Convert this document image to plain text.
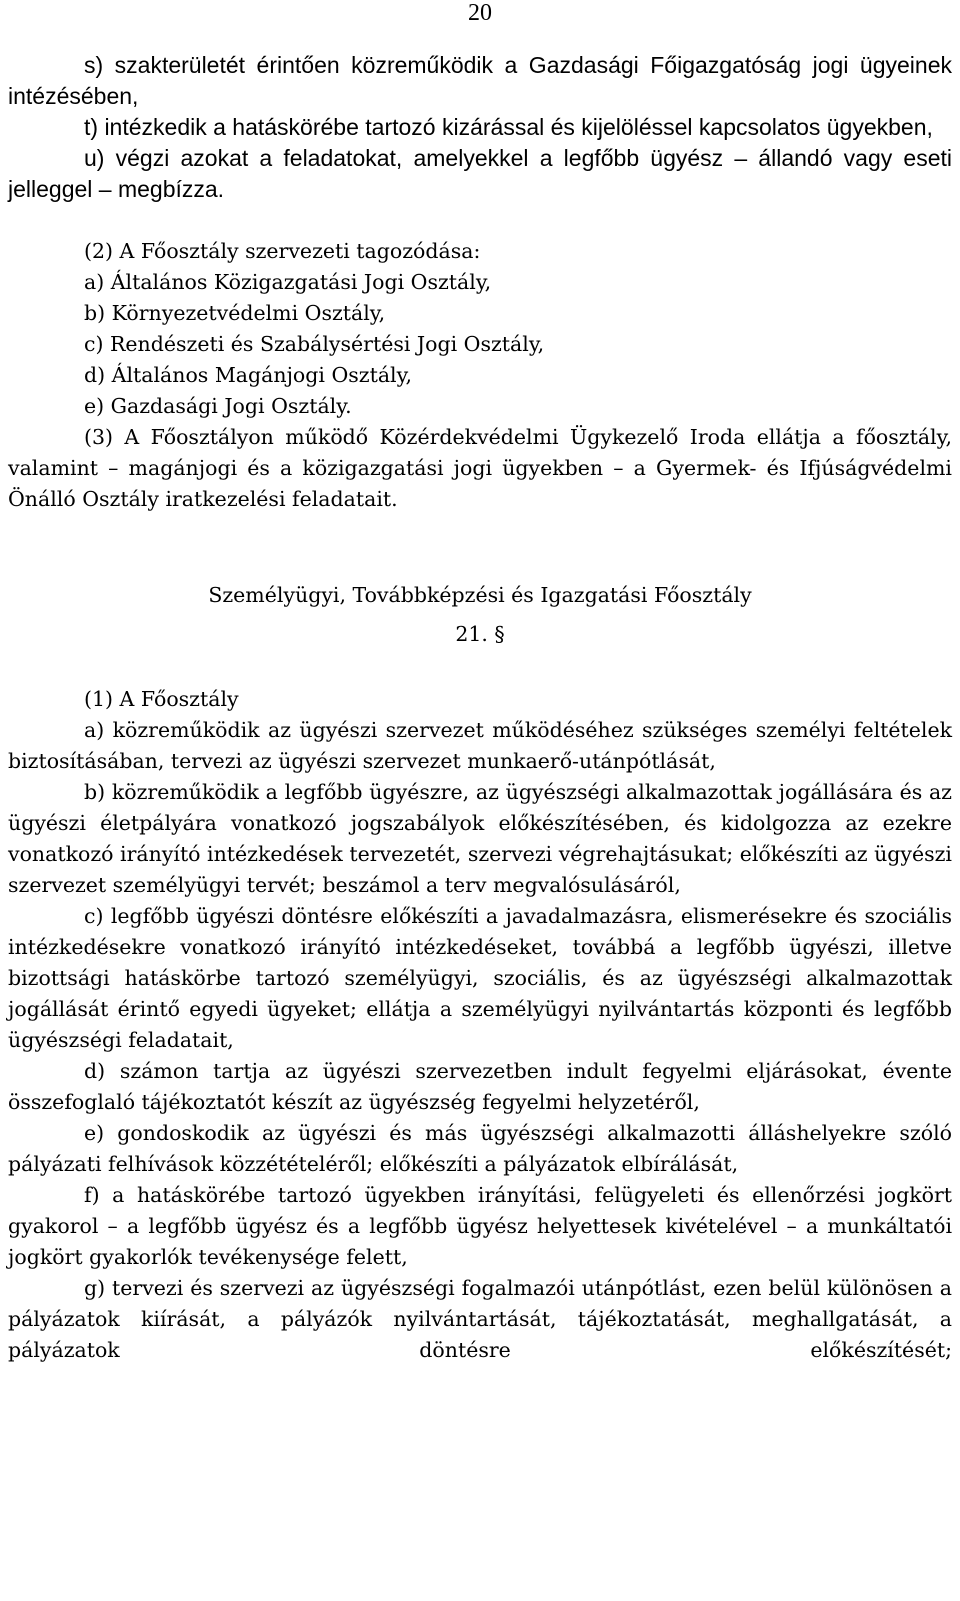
20

s) szakterületét érintően közreműködik a Gazdasági Főigazgatóság jogi ügyeinek intézésében,

t) intézkedik a hatáskörébe tartozó kizárással és kijelöléssel kapcsolatos ügyekben,

u) végzi azokat a feladatokat, amelyekkel a legfőbb ügyész – állandó vagy eseti jelleggel – megbízza.

(2) A Főosztály szervezeti tagozódása:

a) Általános Közigazgatási Jogi Osztály,

b) Környezetvédelmi Osztály,

c) Rendészeti és Szabálysértési Jogi Osztály,

d) Általános Magánjogi Osztály,

e) Gazdasági Jogi Osztály.

(3) A Főosztályon működő Közérdekvédelmi Ügykezelő Iroda ellátja a főosztály, valamint – magánjogi és a közigazgatási jogi ügyekben – a Gyermek- és Ifjúságvédelmi Önálló Osztály iratkezelési feladatait.

Személyügyi, Továbbképzési és Igazgatási Főosztály

21. §

(1) A Főosztály

a) közreműködik az ügyészi szervezet működéséhez szükséges személyi feltételek biztosításában, tervezi az ügyészi szervezet munkaerő-utánpótlását,

b) közreműködik a legfőbb ügyészre, az ügyészségi alkalmazottak jogállására és az ügyészi életpályára vonatkozó jogszabályok előkészítésében, és kidolgozza az ezekre vonatkozó irányító intézkedések tervezetét, szervezi végrehajtásukat; előkészíti az ügyészi szervezet személyügyi tervét; beszámol a terv megvalósulásáról,

c) legfőbb ügyészi döntésre előkészíti a javadalmazásra, elismerésekre és szociális intézkedésekre vonatkozó irányító intézkedéseket, továbbá a legfőbb ügyészi, illetve bizottsági hatáskörbe tartozó személyügyi, szociális, és az ügyészségi alkalmazottak jogállását érintő egyedi ügyeket; ellátja a személyügyi nyilvántartás központi és legfőbb ügyészségi feladatait,

d) számon tartja az ügyészi szervezetben indult fegyelmi eljárásokat, évente összefoglaló tájékoztatót készít az ügyészség fegyelmi helyzetéről,

e) gondoskodik az ügyészi és más ügyészségi alkalmazotti álláshelyekre szóló pályázati felhívások közzétételéről; előkészíti a pályázatok elbírálását,

f) a hatáskörébe tartozó ügyekben irányítási, felügyeleti és ellenőrzési jogkört gyakorol – a legfőbb ügyész és a legfőbb ügyész helyettesek kivételével – a munkáltatói jogkört gyakorlók tevékenysége felett,

g) tervezi és szervezi az ügyészségi fogalmazói utánpótlást, ezen belül különösen a pályázatok kiírását, a pályázók nyilvántartását, tájékoztatását, meghallgatását, a pályázatok döntésre előkészítését;
